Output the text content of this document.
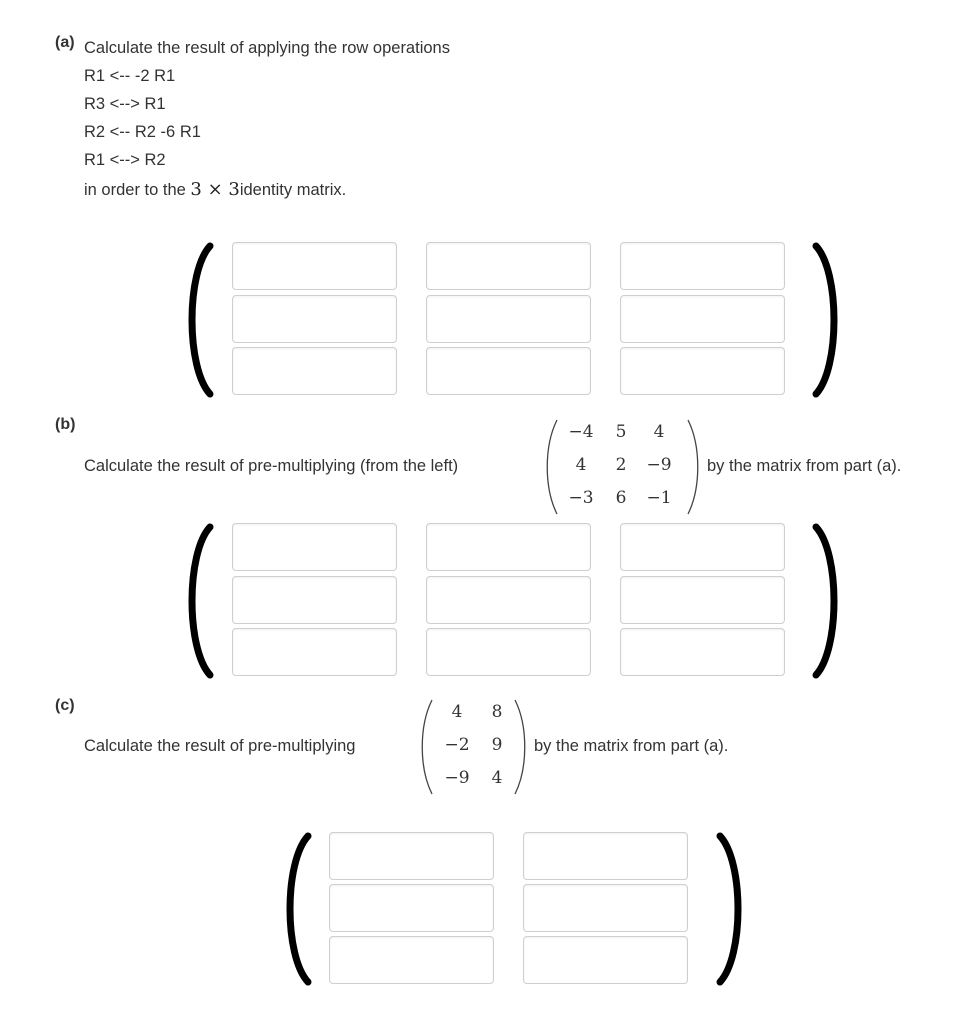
(a) Calculate the result of applying the row operations
R1 <-- -2 R1
R3 <--> R1
R2 <-- R2 -6 R1
R1 <--> R2
in order to the 3 × 3identity matrix.
(b)
Calculate the result of pre-multiplying (from the left)
−4	5	4
4	2	−9
−3	6	−1
by the matrix from part (a).
(c)
Calculate the result of pre-multiplying
4	8
−2	9
−9	4
by the matrix from part (a).
